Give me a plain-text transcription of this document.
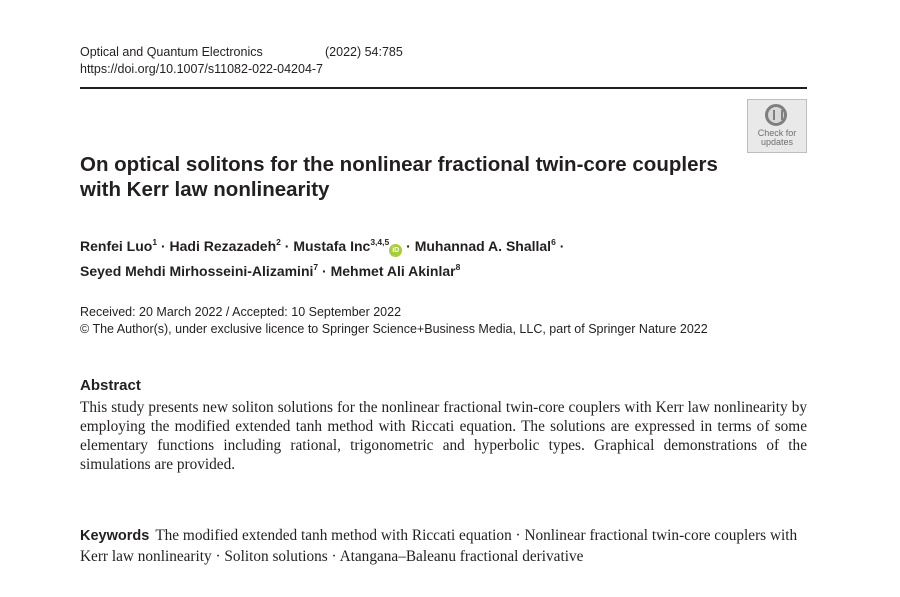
Optical and Quantum Electronics	(2022) 54:785
https://doi.org/10.1007/s11082-022-04204-7
Check for
updates
On optical solitons for the nonlinear fractional twin-core couplers with Kerr law nonlinearity
Renfei Luo$^1$ · Hadi Rezazadeh$^2$ · Mustafa Inc$^{3,4,5}$iD · Muhannad A. Shallal$^6$ ·
Seyed Mehdi Mirhosseini-Alizamini$^7$ · Mehmet Ali Akinlar$^8$
Received: 20 March 2022 / Accepted: 10 September 2022
© The Author(s), under exclusive licence to Springer Science+Business Media, LLC, part of Springer Nature 2022
Abstract
This study presents new soliton solutions for the nonlinear fractional twin-core couplers with Kerr law nonlinearity by employing the modified extended tanh method with Riccati equation. The solutions are expressed in terms of some elementary functions including rational, trigonometric and hyperbolic types. Graphical demonstrations of the simulations are provided.
Keywords The modified extended tanh method with Riccati equation · Nonlinear fractional twin-core couplers with Kerr law nonlinearity · Soliton solutions · Atangana–Baleanu fractional derivative
